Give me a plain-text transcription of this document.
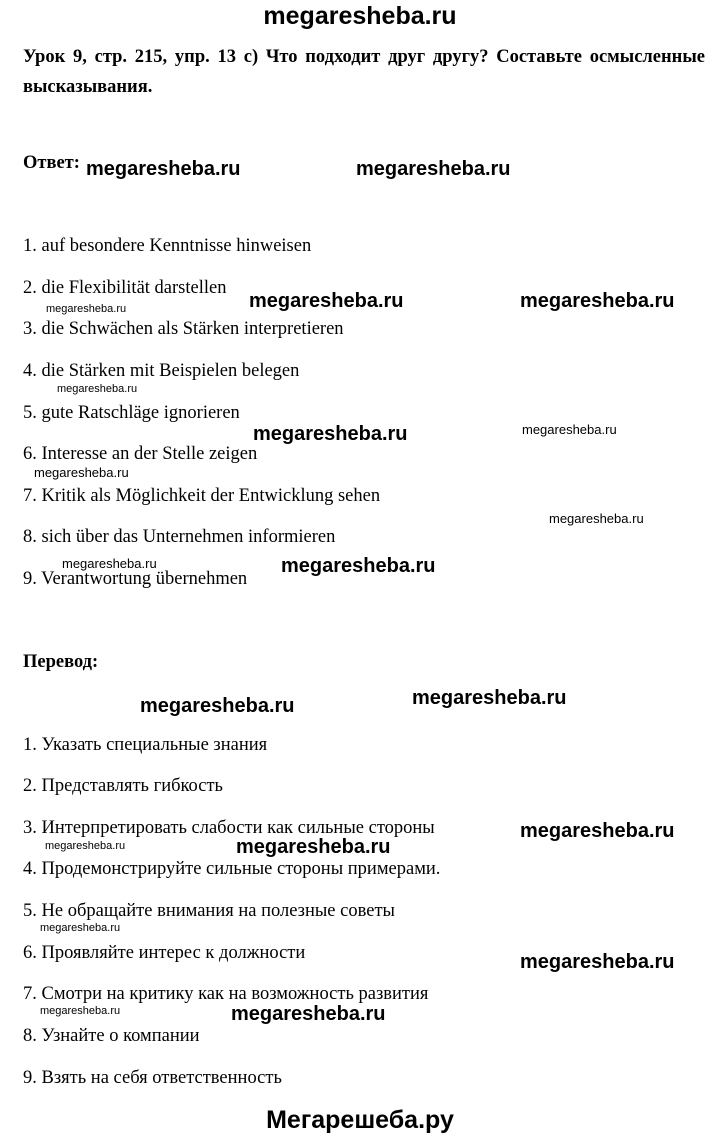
megaresheba.ru
Урок 9, стр. 215, упр. 13 с) Что подходит друг другу? Составьте осмысленные высказывания.
Ответ:
1. auf besondere Kenntnisse hinweisen
2. die Flexibilität darstellen
3. die Schwächen als Stärken interpretieren
4. die Stärken mit Beispielen belegen
5. gute Ratschläge ignorieren
6. Interesse an der Stelle zeigen
7. Kritik als Möglichkeit der Entwicklung sehen
8. sich über das Unternehmen informieren
9. Verantwortung übernehmen
Перевод:
1. Указать специальные знания
2. Представлять гибкость
3. Интерпретировать слабости как сильные стороны
4. Продемонстрируйте сильные стороны примерами.
5. Не обращайте внимания на полезные советы
6. Проявляйте интерес к должности
7. Смотри на критику как на возможность развития
8. Узнайте о компании
9. Взять на себя ответственность
megaresheba.ru	megaresheba.ru
megaresheba.ru	megaresheba.ru
megaresheba.ru
megaresheba.ru
megaresheba.ru	megaresheba.ru
megaresheba.ru
megaresheba.ru
megaresheba.ru	megaresheba.ru
megaresheba.ru
megaresheba.ru
megaresheba.ru
megaresheba.ru
megaresheba.ru
megaresheba.ru
megaresheba.ru
megaresheba.ru	megaresheba.ru
Мегарешеба.ру
